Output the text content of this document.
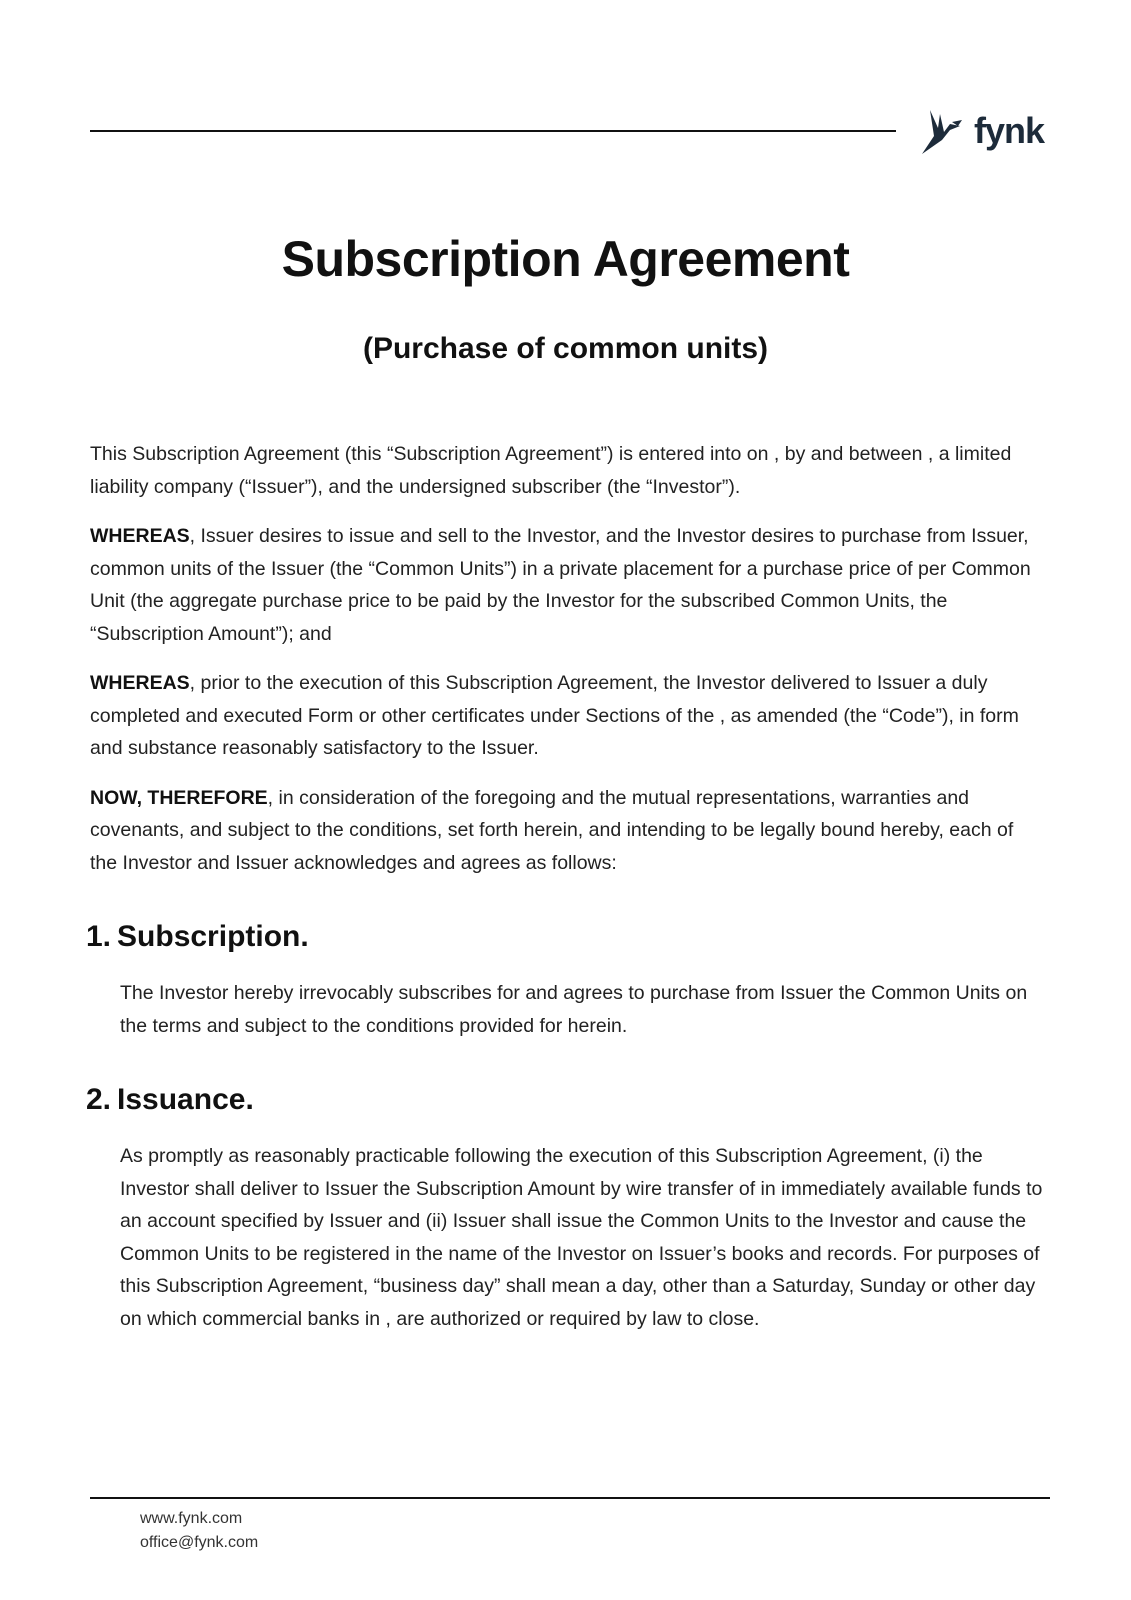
fynk
Subscription Agreement
(Purchase of common units)

This Subscription Agreement (this “Subscription Agreement”) is entered into on , by and between , a limited liability company (“Issuer”), and the undersigned subscriber (the “Investor”).

WHEREAS, Issuer desires to issue and sell to the Investor, and the Investor desires to purchase from Issuer, common units of the Issuer (the “Common Units”) in a private placement for a purchase price of per Common Unit (the aggregate purchase price to be paid by the Investor for the subscribed Common Units, the “Subscription Amount”); and

WHEREAS, prior to the execution of this Subscription Agreement, the Investor delivered to Issuer a duly completed and executed Form or other certificates under Sections of the , as amended (the “Code”), in form and substance reasonably satisfactory to the Issuer.

NOW, THEREFORE, in consideration of the foregoing and the mutual representations, warranties and covenants, and subject to the conditions, set forth herein, and intending to be legally bound hereby, each of the Investor and Issuer acknowledges and agrees as follows:

1. Subscription.

The Investor hereby irrevocably subscribes for and agrees to purchase from Issuer the Common Units on the terms and subject to the conditions provided for herein.

2. Issuance.

As promptly as reasonably practicable following the execution of this Subscription Agreement, (i) the Investor shall deliver to Issuer the Subscription Amount by wire transfer of in immediately available funds to an account specified by Issuer and (ii) Issuer shall issue the Common Units to the Investor and cause the Common Units to be registered in the name of the Investor on Issuer’s books and records. For purposes of this Subscription Agreement, “business day” shall mean a day, other than a Saturday, Sunday or other day on which commercial banks in , are authorized or required by law to close.

www.fynk.com
office@fynk.com
